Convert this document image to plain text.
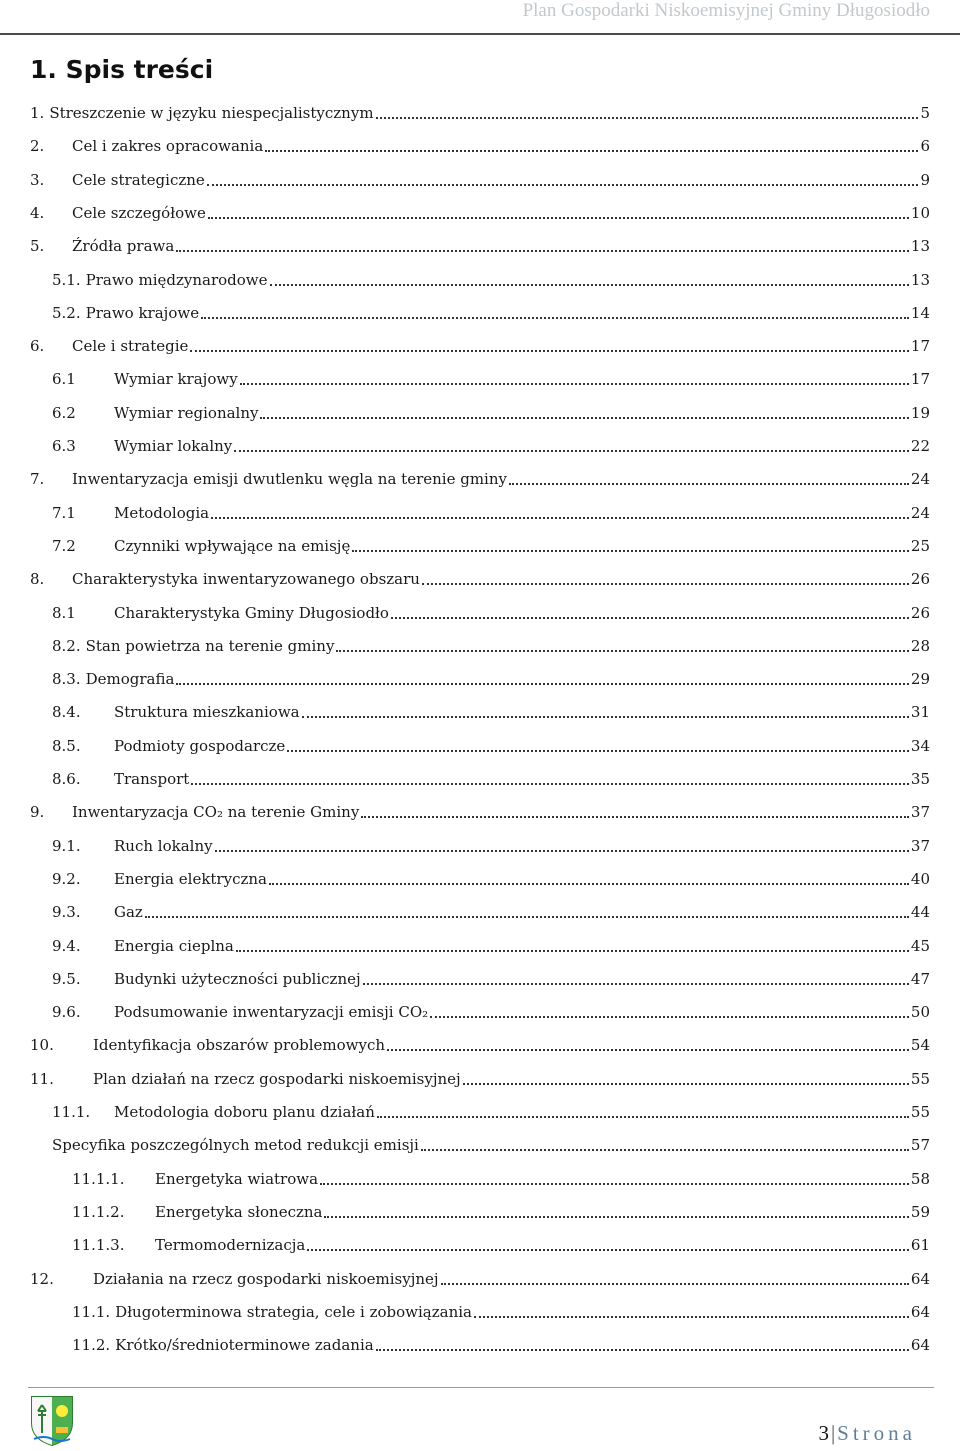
Plan Gospodarki Niskoemisyjnej Gminy Długosiodło
1. Spis treści
1. Streszczenie w języku niespecjalistycznym	5
2.	Cel i zakres opracowania	6
3.	Cele strategiczne	9
4.	Cele szczegółowe	10
5.	Źródła prawa	13
5.1. Prawo międzynarodowe	13
5.2. Prawo krajowe	14
6.	Cele i strategie	17
6.1	Wymiar krajowy	17
6.2	Wymiar regionalny	19
6.3	Wymiar lokalny	22
7.	Inwentaryzacja emisji dwutlenku węgla na terenie gminy	24
7.1	Metodologia	24
7.2	Czynniki wpływające na emisję	25
8.	Charakterystyka inwentaryzowanego obszaru	26
8.1	Charakterystyka Gminy Długosiodło	26
8.2. Stan powietrza na terenie gminy	28
8.3. Demografia	29
8.4.	Struktura mieszkaniowa	31
8.5.	Podmioty gospodarcze	34
8.6.	Transport	35
9.	Inwentaryzacja CO₂ na terenie Gminy	37
9.1.	Ruch lokalny	37
9.2.	Energia elektryczna	40
9.3.	Gaz	44
9.4.	Energia cieplna	45
9.5.	Budynki użyteczności publicznej	47
9.6.	Podsumowanie inwentaryzacji emisji CO₂	50
10.	Identyfikacja obszarów problemowych	54
11.	Plan działań na rzecz gospodarki niskoemisyjnej	55
11.1.	Metodologia doboru planu działań	55
Specyfika poszczególnych metod redukcji emisji	57
11.1.1.	Energetyka wiatrowa	58
11.1.2.	Energetyka słoneczna	59
11.1.3.	Termomodernizacja	61
12.	Działania na rzecz gospodarki niskoemisyjnej	64
11.1. Długoterminowa strategia, cele i zobowiązania	64
11.2. Krótko/średnioterminowe zadania	64
3|Strona
